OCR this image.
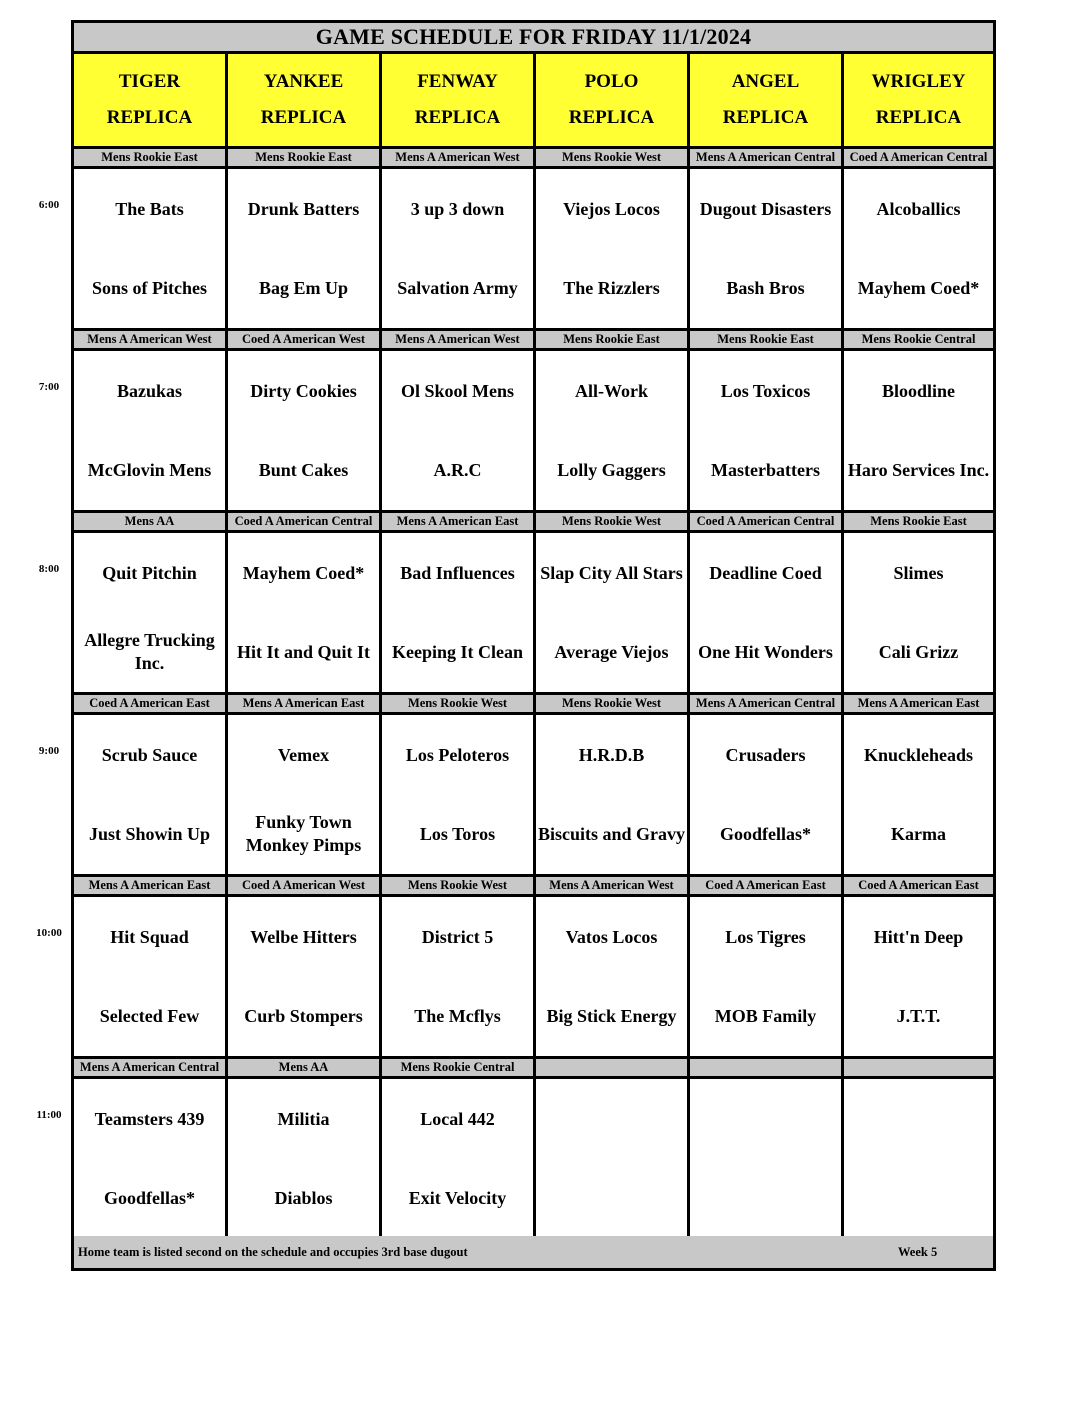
GAME SCHEDULE FOR FRIDAY 11/1/2024
TIGER
REPLICA
YANKEE
REPLICA
FENWAY
REPLICA
POLO
REPLICA
ANGEL
REPLICA
WRIGLEY
REPLICA
Mens Rookie East
The Bats
Sons of Pitches
Mens Rookie East
Drunk Batters
Bag Em Up
Mens A American West
3 up 3 down
Salvation Army
Mens Rookie West
Viejos Locos
The Rizzlers
Mens A American Central
Dugout Disasters
Bash Bros
Coed A American Central
Alcoballics
Mayhem Coed*
Mens A American West
Bazukas
McGlovin Mens
Coed A American West
Dirty Cookies
Bunt Cakes
Mens A American West
Ol Skool Mens
A.R.C
Mens Rookie East
All-Work
Lolly Gaggers
Mens Rookie East
Los Toxicos
Masterbatters
Mens Rookie Central
Bloodline
Haro Services Inc.
Mens AA
Quit Pitchin
Allegre Trucking Inc.
Coed A American Central
Mayhem Coed*
Hit It and Quit It
Mens A American East
Bad Influences
Keeping It Clean
Mens Rookie West
Slap City All Stars
Average Viejos
Coed A American Central
Deadline Coed
One Hit Wonders
Mens Rookie East
Slimes
Cali Grizz
Coed A American East
Scrub Sauce
Just Showin Up
Mens A American East
Vemex
Funky Town Monkey Pimps
Mens Rookie West
Los Peloteros
Los Toros
Mens Rookie West
H.R.D.B
Biscuits and Gravy
Mens A American Central
Crusaders
Goodfellas*
Mens A American East
Knuckleheads
Karma
Mens A American East
Hit Squad
Selected Few
Coed A American West
Welbe Hitters
Curb Stompers
Mens Rookie West
District 5
The Mcflys
Mens A American West
Vatos Locos
Big Stick Energy
Coed A American East
Los Tigres
MOB Family
Coed A American East
Hitt'n Deep
J.T.T.
Mens A American Central
Teamsters 439
Goodfellas*
Mens AA
Militia
Diablos
Mens Rookie Central
Local 442
Exit Velocity
Home team is listed second on the schedule and occupies 3rd base dugout	Week 5
6:00
7:00
8:00
9:00
10:00
11:00
